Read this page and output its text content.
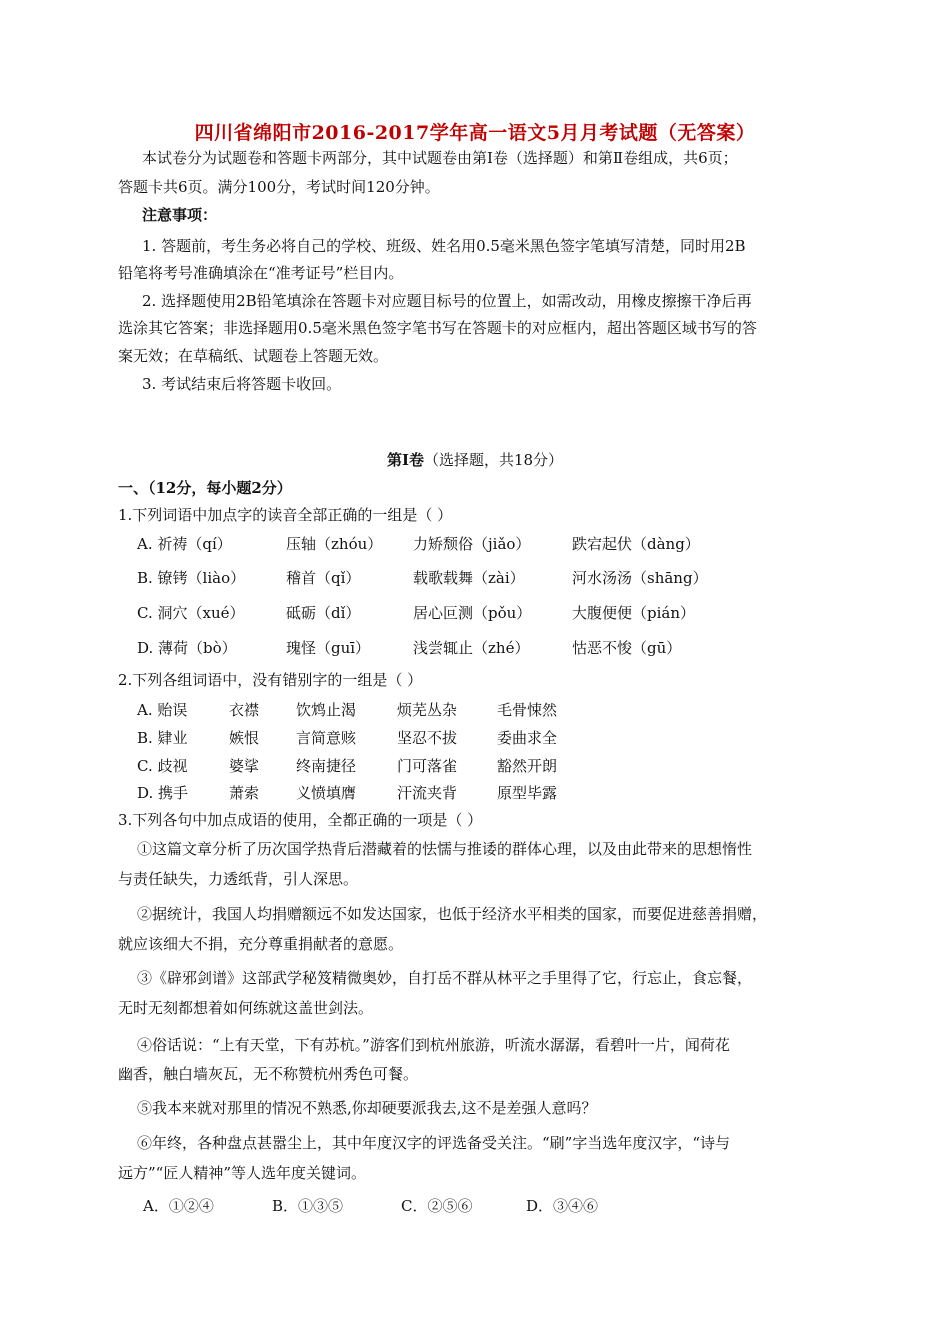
四川省绵阳市2016-2017学年高一语文5月月考试题（无答案）
本试卷分为试题卷和答题卡两部分，其中试题卷由第Ⅰ卷（选择题）和第Ⅱ卷组成，共6页；
答题卡共6页。满分100分，考试时间120分钟。
注意事项：
1. 答题前，考生务必将自己的学校、班级、姓名用0.5毫米黑色签字笔填写清楚，同时用2B
铅笔将考号准确填涂在“准考证号”栏目内。
2. 选择题使用2B铅笔填涂在答题卡对应题目标号的位置上，如需改动，用橡皮擦擦干净后再
选涂其它答案；非选择题用0.5毫米黑色签字笔书写在答题卡的对应框内，超出答题区域书写的答
案无效；在草稿纸、试题卷上答题无效。
3. 考试结束后将答题卡收回。
第Ⅰ卷（选择题，共18分）
一、（12分，每小题2分）
1.下列词语中加点字的读音全部正确的一组是（ ）
A. 祈祷（qí）	压轴（zhóu） 力矫颓俗（jiǎo）	跌宕起伏（dàng）
B. 镣铐（liào）	稽首（qǐ）	载歌载舞（zài）	河水汤汤（shāng）
C. 洞穴（xué）	砥砺（dǐ）	居心叵测（pǒu）	大腹便便（pián）
D. 薄荷（bò）	瑰怪（guī）	浅尝辄止（zhé）	怙恶不悛（gū）
2.下列各组词语中，没有错别字的一组是（ ）
A. 贻误	衣襟 饮鸩止渴	烦芜丛杂	毛骨悚然
B. 肄业	嫉恨 言简意赅	坚忍不拔	委曲求全
C. 歧视	婆挲 终南捷径	门可落雀	豁然开朗
D. 携手	萧索 义愤填膺	汗流夹背	原型毕露
3.下列各句中加点成语的使用，全都正确的一项是（ ）
①这篇文章分析了历次国学热背后潜藏着的怯懦与推诿的群体心理，以及由此带来的思想惰性
与责任缺失，力透纸背，引人深思。
②据统计，我国人均捐赠额远不如发达国家，也低于经济水平相类的国家，而要促进慈善捐赠，
就应该细大不捐，充分尊重捐献者的意愿。
③《辟邪剑谱》这部武学秘笈精微奥妙，自打岳不群从林平之手里得了它，行忘止，食忘餐，
无时无刻都想着如何练就这盖世剑法。
④俗话说：“上有天堂，下有苏杭。”游客们到杭州旅游，听流水潺潺，看碧叶一片，闻荷花
幽香，触白墙灰瓦，无不称赞杭州秀色可餐。
⑤我本来就对那里的情况不熟悉,你却硬要派我去,这不是差强人意吗？
⑥年终，各种盘点甚嚣尘上，其中年度汉字的评选备受关注。“刷”字当选年度汉字，“诗与
远方”“匠人精神”等人选年度关键词。
A．①②④	B．①③⑤	C．②⑤⑥	D．③④⑥
